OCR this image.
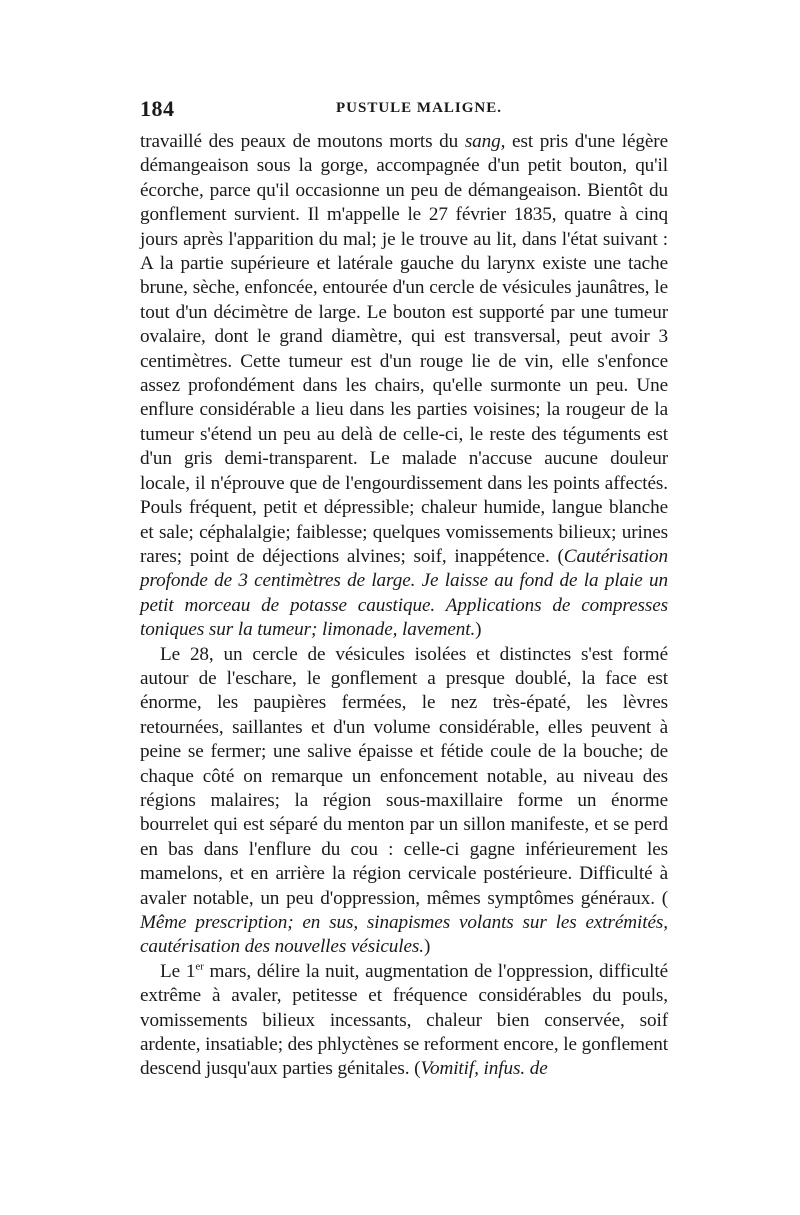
184	PUSTULE MALIGNE.

travaillé des peaux de moutons morts du sang, est pris d'une légère démangeaison sous la gorge, accompagnée d'un petit bouton, qu'il écorche, parce qu'il occasionne un peu de démangeaison. Bientôt du gonflement survient. Il m'appelle le 27 février 1835, quatre à cinq jours après l'apparition du mal; je le trouve au lit, dans l'état suivant : A la partie supérieure et latérale gauche du larynx existe une tache brune, sèche, enfoncée, entourée d'un cercle de vésicules jaunâtres, le tout d'un décimètre de large. Le bouton est supporté par une tumeur ovalaire, dont le grand diamètre, qui est transversal, peut avoir 3 centimètres. Cette tumeur est d'un rouge lie de vin, elle s'enfonce assez profondément dans les chairs, qu'elle surmonte un peu. Une enflure considérable a lieu dans les parties voisines; la rougeur de la tumeur s'étend un peu au delà de celle-ci, le reste des téguments est d'un gris demi-transparent. Le malade n'accuse aucune douleur locale, il n'éprouve que de l'engourdissement dans les points affectés. Pouls fréquent, petit et dépressible; chaleur humide, langue blanche et sale; céphalalgie; faiblesse; quelques vomissements bilieux; urines rares; point de déjections alvines; soif, inappétence. (Cautérisation profonde de 3 centimètres de large. Je laisse au fond de la plaie un petit morceau de potasse caustique. Applications de compresses toniques sur la tumeur; limonade, lavement.)

Le 28, un cercle de vésicules isolées et distinctes s'est formé autour de l'eschare, le gonflement a presque doublé, la face est énorme, les paupières fermées, le nez très-épaté, les lèvres retournées, saillantes et d'un volume considérable, elles peuvent à peine se fermer; une salive épaisse et fétide coule de la bouche; de chaque côté on remarque un enfoncement notable, au niveau des régions malaires; la région sous-maxillaire forme un énorme bourrelet qui est séparé du menton par un sillon manifeste, et se perd en bas dans l'enflure du cou : celle-ci gagne inférieurement les mamelons, et en arrière la région cervicale postérieure. Difficulté à avaler notable, un peu d'oppression, mêmes symptômes généraux. ( Même prescription; en sus, sinapismes volants sur les extrémités, cautérisation des nouvelles vésicules.)

Le 1er mars, délire la nuit, augmentation de l'oppression, difficulté extrême à avaler, petitesse et fréquence considérables du pouls, vomissements bilieux incessants, chaleur bien conservée, soif ardente, insatiable; des phlyctènes se reforment encore, le gonflement descend jusqu'aux parties génitales. (Vomitif, infus. de
